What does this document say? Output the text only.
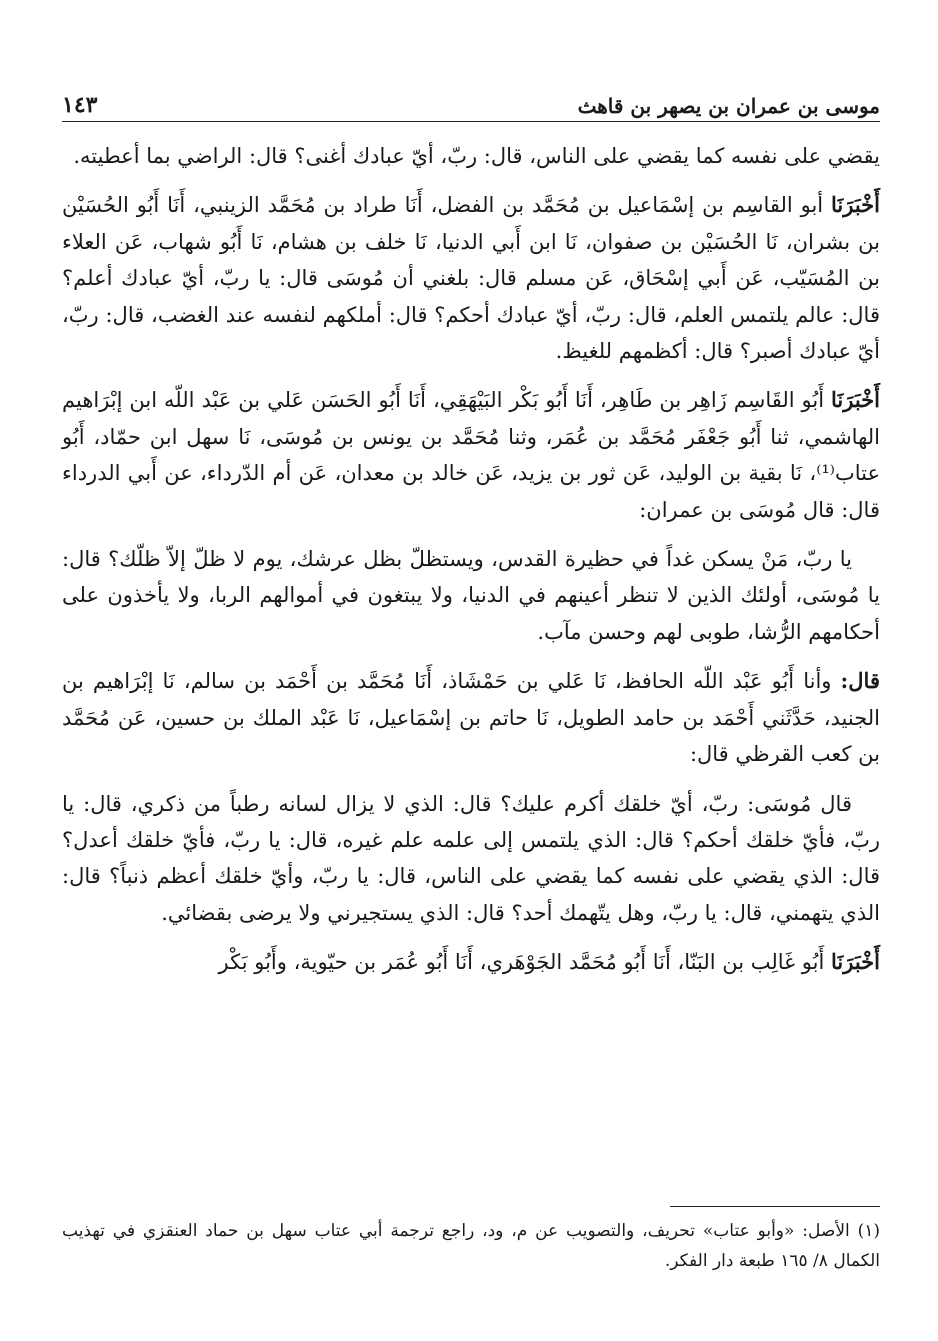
موسى بن عمران بن يصهر بن قاهث
١٤٣

يقضي على نفسه كما يقضي على الناس، قال: ربّ، أيّ عبادك أغنى؟ قال: الراضي بما أعطيته.

أَخْبَرَنَا أبو القاسِم بن إسْمَاعيل بن مُحَمَّد بن الفضل، أَنَا طراد بن مُحَمَّد الزينبي، أَنَا أَبُو الحُسَيْن بن بشران، نَا الحُسَيْن بن صفوان، نَا ابن أَبي الدنيا، نَا خلف بن هشام، نَا أَبُو شهاب، عَن العلاء بن المُسَيّب، عَن أَبي إسْحَاق، عَن مسلم قال: بلغني أن مُوسَى قال: يا ربّ، أيّ عبادك أعلم؟ قال: عالم يلتمس العلم، قال: ربّ، أيّ عبادك أحكم؟ قال: أملكهم لنفسه عند الغضب، قال: ربّ، أيّ عبادك أصبر؟ قال: أكظمهم للغيظ.

أَخْبَرَنَا أَبُو القَاسِم زَاهِر بن طَاهِر، أَنَا أَبُو بَكْر البَيْهَقِي، أَنَا أَبُو الحَسَن عَلي بن عَبْد اللّه ابن إبْرَاهيم الهاشمي، ثنا أَبُو جَعْفَر مُحَمَّد بن عُمَر، وثنا مُحَمَّد بن يونس بن مُوسَى، نَا سهل ابن حمّاد، أَبُو عتاب⁽¹⁾، نَا بقية بن الوليد، عَن ثور بن يزيد، عَن خالد بن معدان، عَن أم الدّرداء، عن أَبي الدرداء قال: قال مُوسَى بن عمران:

يا ربّ، مَنْ يسكن غداً في حظيرة القدس، ويستظلّ بظل عرشك، يوم لا ظلّ إلاّ ظلّك؟ قال: يا مُوسَى، أولئك الذين لا تنظر أعينهم في الدنيا، ولا يبتغون في أموالهم الربا، ولا يأخذون على أحكامهم الرُّشا، طوبى لهم وحسن مآب.

قال: وأنا أَبُو عَبْد اللّه الحافظ، نَا عَلي بن حَمْشَاذ، أَنَا مُحَمَّد بن أَحْمَد بن سالم، نَا إبْرَاهيم بن الجنيد، حَدَّثَني أَحْمَد بن حامد الطويل، نَا حاتم بن إسْمَاعيل، نَا عَبْد الملك بن حسين، عَن مُحَمَّد بن كعب القرظي قال:

قال مُوسَى: ربّ، أيّ خلقك أكرم عليك؟ قال: الذي لا يزال لسانه رطباً من ذكري، قال: يا ربّ، فأيّ خلقك أحكم؟ قال: الذي يلتمس إلى علمه علم غيره، قال: يا ربّ، فأيّ خلقك أعدل؟ قال: الذي يقضي على نفسه كما يقضي على الناس، قال: يا ربّ، وأيّ خلقك أعظم ذنباً؟ قال: الذي يتهمني، قال: يا ربّ، وهل يتّهمك أحد؟ قال: الذي يستجيرني ولا يرضى بقضائي.

أَخْبَرَنَا أَبُو غَالِب بن البَنّا، أَنَا أَبُو مُحَمَّد الجَوْهَري، أَنَا أَبُو عُمَر بن حيّوية، وأَبُو بَكْر

(١) الأصل: «وأبو عتاب» تحريف، والتصويب عن م، ود، راجع ترجمة أبي عتاب سهل بن حماد العنقزي في تهذيب الكمال ٨/ ١٦٥ طبعة دار الفكر.
